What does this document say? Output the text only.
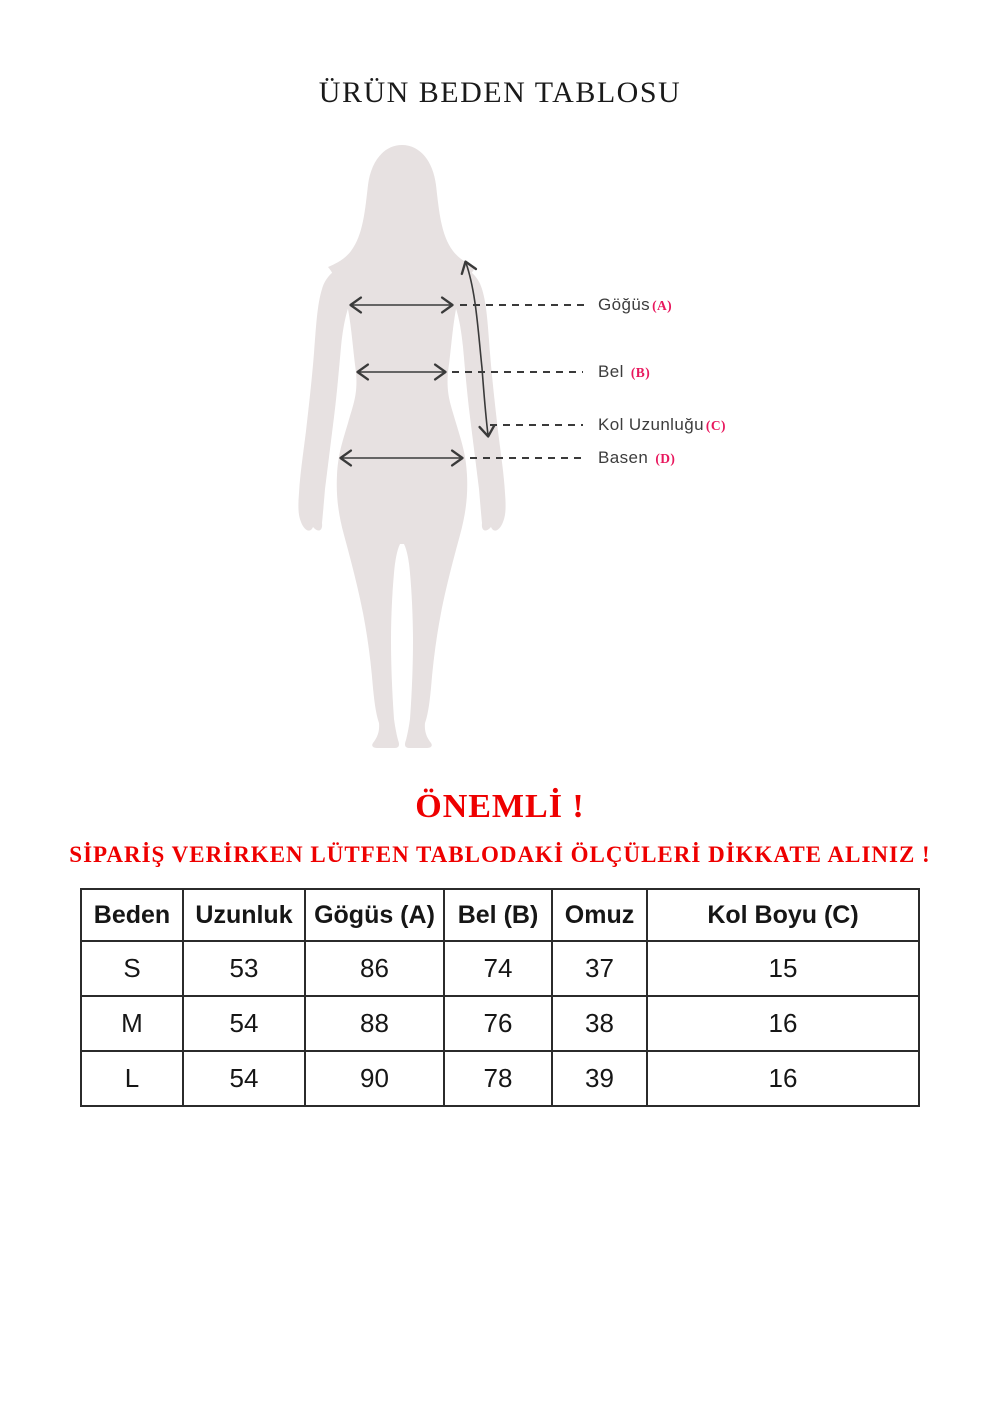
ÜRÜN BEDEN TABLOSU
Göğüs (A)
Bel (B)
Kol Uzunluğu (C)
Basen (D)
ÖNEMLİ !
SİPARİŞ VERİRKEN LÜTFEN TABLODAKİ ÖLÇÜLERİ DİKKATE ALINIZ !
Beden	Uzunluk	Gögüs (A)	Bel (B)	Omuz	Kol Boyu (C)
S	53	86	74	37	15
M	54	88	76	38	16
L	54	90	78	39	16
